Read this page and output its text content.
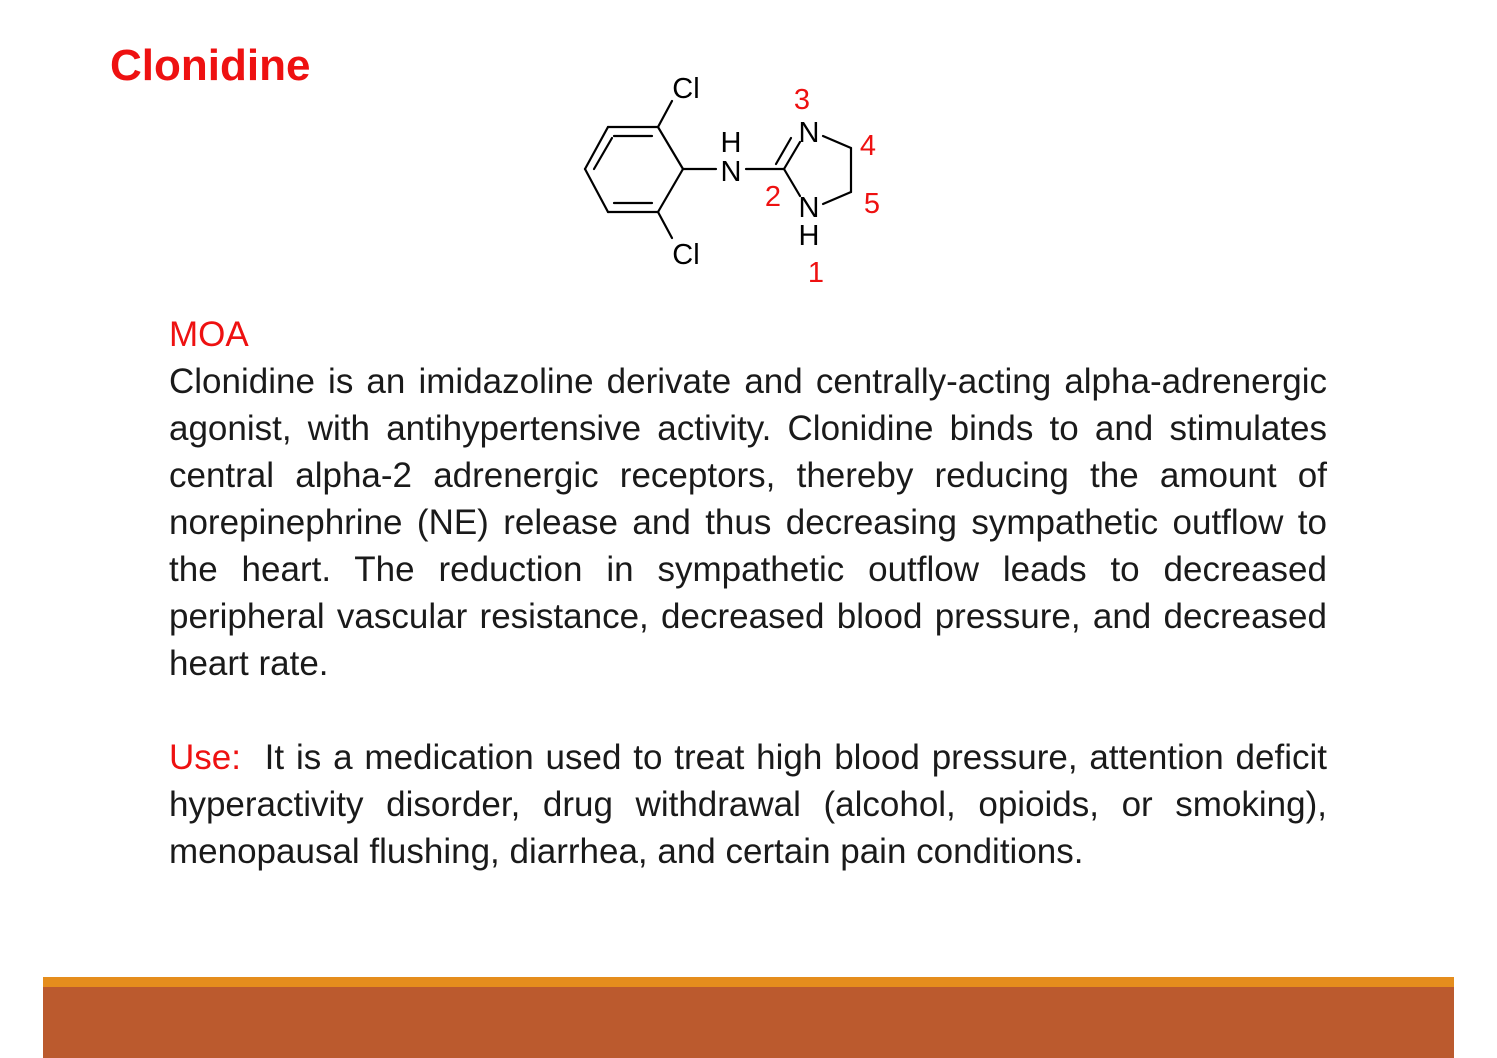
Clonidine	Cl
Cl
H
N
N
N
H
1
2
3
4
5
MOA

Clonidine is an imidazoline derivate and centrally-acting alpha-adrenergic agonist, with antihypertensive activity. Clonidine binds to and stimulates central alpha-2 adrenergic receptors, thereby reducing the amount of norepinephrine (NE) release and thus decreasing sympathetic outflow to the heart. The reduction in sympathetic outflow leads to decreased peripheral vascular resistance, decreased blood pressure, and decreased heart rate.

Use: It is a medication used to treat high blood pressure, attention deficit hyperactivity disorder, drug withdrawal (alcohol, opioids, or smoking), menopausal flushing, diarrhea, and certain pain conditions.
